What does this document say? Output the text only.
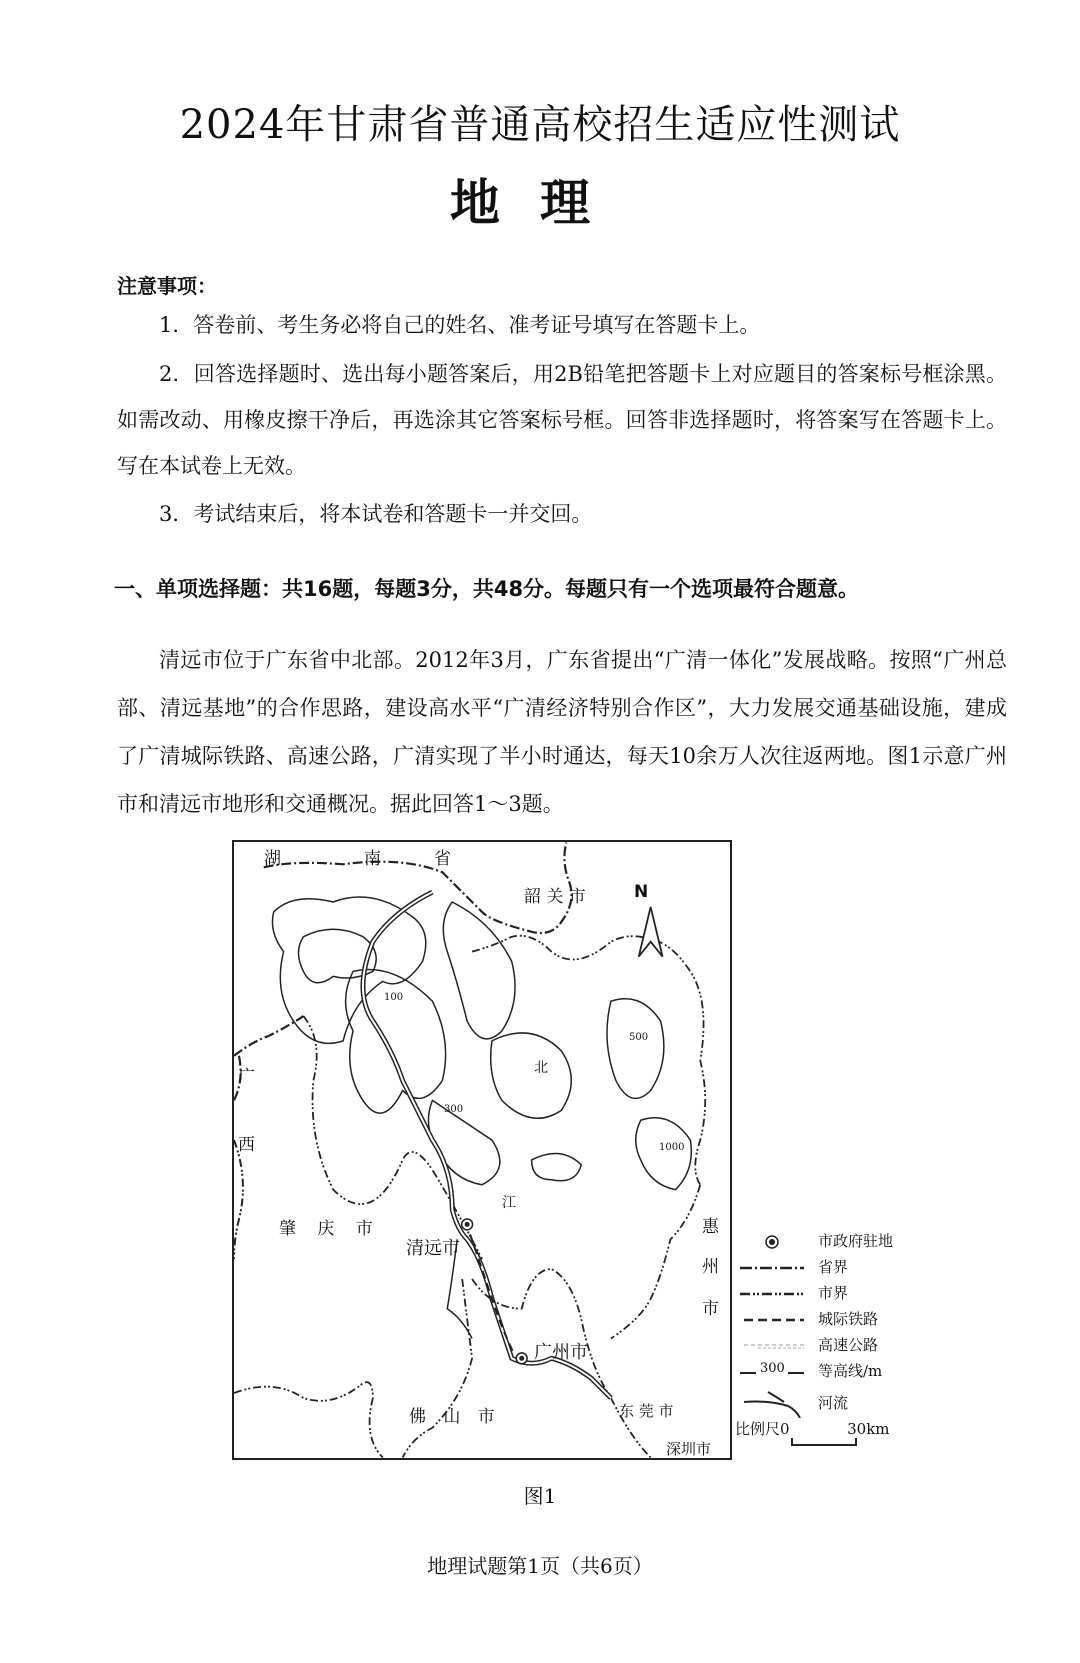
2024年甘肃省普通高校招生适应性测试
地理
注意事项：
1．答卷前、考生务必将自己的姓名、准考证号填写在答题卡上。
2．回答选择题时、选出每小题答案后，用2B铅笔把答题卡上对应题目的答案标号框涂黑。如需改动、用橡皮擦干净后，再选涂其它答案标号框。回答非选择题时，将答案写在答题卡上。写在本试卷上无效。
3．考试结束后，将本试卷和答题卡一并交回。
一、单项选择题：共16题，每题3分，共48分。每题只有一个选项最符合题意。
清远市位于广东省中北部。2012年3月，广东省提出“广清一体化”发展战略。按照“广州总部、清远基地”的合作思路，建设高水平“广清经济特别合作区”，大力发展交通基础设施，建成了广清城际铁路、高速公路，广清实现了半小时通达，每天10余万人次往返两地。图1示意广州市和清远市地形和交通概况。据此回答1～3题。
湖	南	省
广
西
韶 关 市	N
肇 庆 市
清远市
广州市
佛 山 市	东 莞 市
深圳市
惠
州
市
北
江
100
300
500
1000
市政府驻地
省界
市界
城际铁路
高速公路
300 等高线/m
河流
比例尺0	30km
图1
地理试题第1页（共6页）
